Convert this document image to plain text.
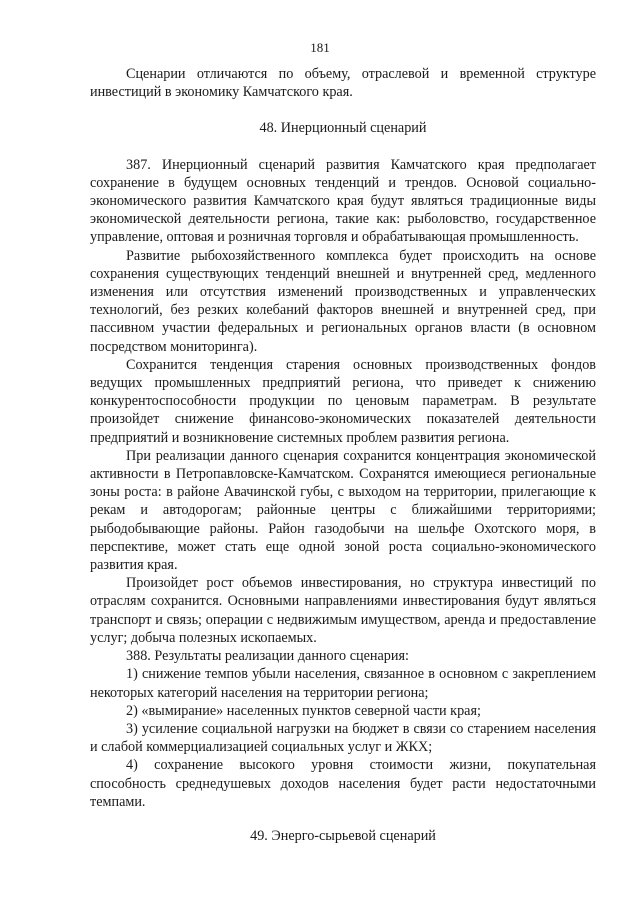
181

Сценарии отличаются по объему, отраслевой и временной структуре инвестиций в экономику Камчатского края.

48. Инерционный сценарий

387. Инерционный сценарий развития Камчатского края предполагает сохранение в будущем основных тенденций и трендов. Основой социально-экономического развития Камчатского края будут являться традиционные виды экономической деятельности региона, такие как: рыболовство, государственное управление, оптовая и розничная торговля и обрабатывающая промышленность.

Развитие рыбохозяйственного комплекса будет происходить на основе сохранения существующих тенденций внешней и внутренней сред, медленного изменения или отсутствия изменений производственных и управленческих технологий, без резких колебаний факторов внешней и внутренней сред, при пассивном участии федеральных и региональных органов власти (в основном посредством мониторинга).

Сохранится тенденция старения основных производственных фондов ведущих промышленных предприятий региона, что приведет к снижению конкурентоспособности продукции по ценовым параметрам. В результате произойдет снижение финансово-экономических показателей деятельности предприятий и возникновение системных проблем развития региона.

При реализации данного сценария сохранится концентрация экономической активности в Петропавловске-Камчатском. Сохранятся имеющиеся региональные зоны роста: в районе Авачинской губы, с выходом на территории, прилегающие к рекам и автодорогам; районные центры с ближайшими территориями; рыбодобывающие районы. Район газодобычи на шельфе Охотского моря, в перспективе, может стать еще одной зоной роста социально-экономического развития края.

Произойдет рост объемов инвестирования, но структура инвестиций по отраслям сохранится. Основными направлениями инвестирования будут являться транспорт и связь; операции с недвижимым имуществом, аренда и предоставление услуг; добыча полезных ископаемых.

388. Результаты реализации данного сценария:

1) снижение темпов убыли населения, связанное в основном с закреплением некоторых категорий населения на территории региона;

2) «вымирание» населенных пунктов северной части края;

3) усиление социальной нагрузки на бюджет в связи со старением населения и слабой коммерциализацией социальных услуг и ЖКХ;

4) сохранение высокого уровня стоимости жизни, покупательная способность среднедушевых доходов населения будет расти недостаточными темпами.

49. Энерго-сырьевой сценарий
